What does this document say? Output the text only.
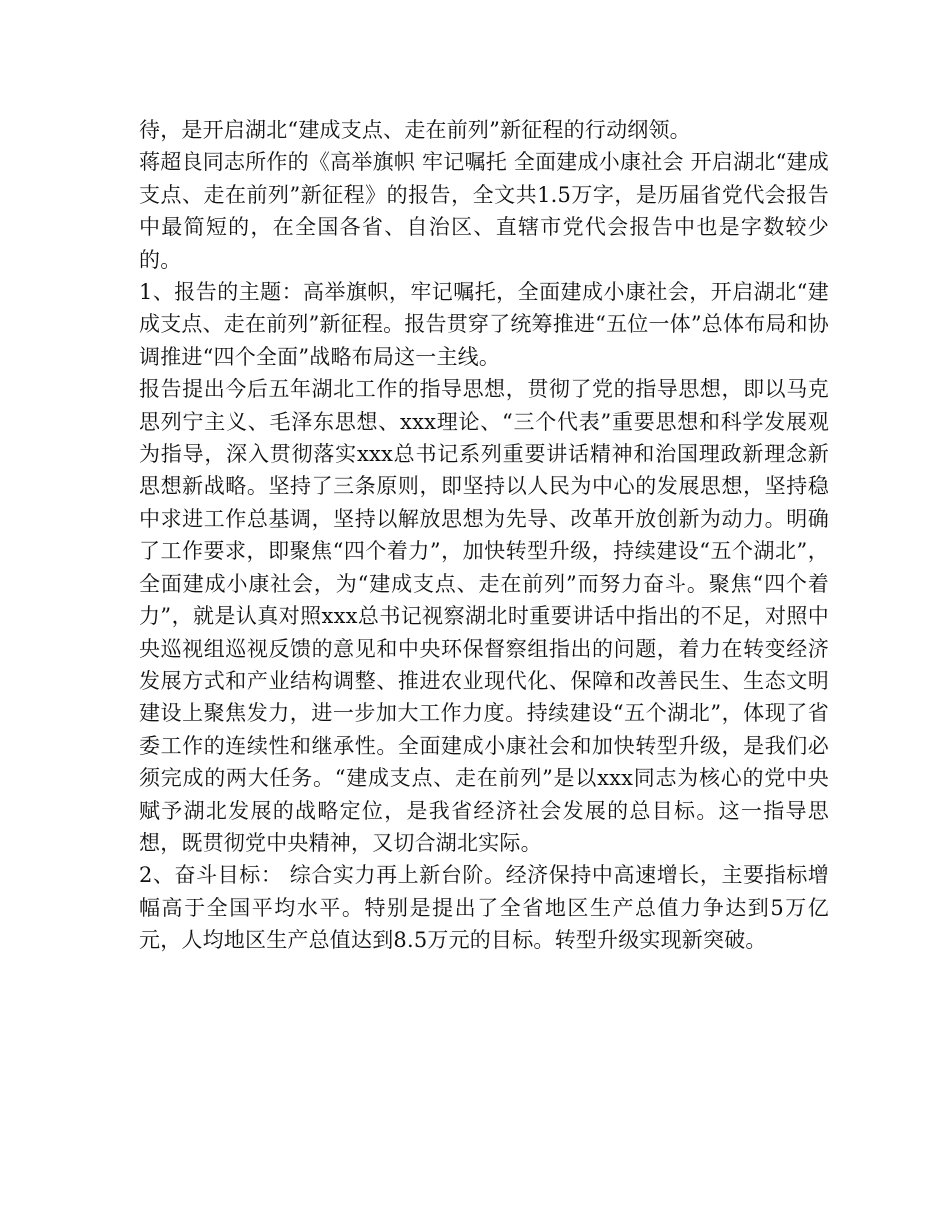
待，是开启湖北“建成支点、走在前列”新征程的行动纲领。

蒋超良同志所作的《高举旗帜 牢记嘱托 全面建成小康社会 开启湖北“建成支点、走在前列”新征程》的报告，全文共1.5万字，是历届省党代会报告中最简短的，在全国各省、自治区、直辖市党代会报告中也是字数较少的。

1、报告的主题：高举旗帜，牢记嘱托，全面建成小康社会，开启湖北“建成支点、走在前列”新征程。报告贯穿了统筹推进“五位一体”总体布局和协调推进“四个全面”战略布局这一主线。

报告提出今后五年湖北工作的指导思想，贯彻了党的指导思想，即以马克思列宁主义、毛泽东思想、xxx理论、“三个代表”重要思想和科学发展观为指导，深入贯彻落实xxx总书记系列重要讲话精神和治国理政新理念新思想新战略。坚持了三条原则，即坚持以人民为中心的发展思想，坚持稳中求进工作总基调，坚持以解放思想为先导、改革开放创新为动力。明确了工作要求，即聚焦“四个着力”，加快转型升级，持续建设“五个湖北”，全面建成小康社会，为“建成支点、走在前列”而努力奋斗。聚焦“四个着力”，就是认真对照xxx总书记视察湖北时重要讲话中指出的不足，对照中央巡视组巡视反馈的意见和中央环保督察组指出的问题，着力在转变经济发展方式和产业结构调整、推进农业现代化、保障和改善民生、生态文明建设上聚焦发力，进一步加大工作力度。持续建设“五个湖北”，体现了省委工作的连续性和继承性。全面建成小康社会和加快转型升级，是我们必须完成的两大任务。“建成支点、走在前列”是以xxx同志为核心的党中央赋予湖北发展的战略定位，是我省经济社会发展的总目标。这一指导思想，既贯彻党中央精神，又切合湖北实际。

2、奋斗目标： 综合实力再上新台阶。经济保持中高速增长，主要指标增幅高于全国平均水平。特别是提出了全省地区生产总值力争达到5万亿元，人均地区生产总值达到8.5万元的目标。转型升级实现新突破。
